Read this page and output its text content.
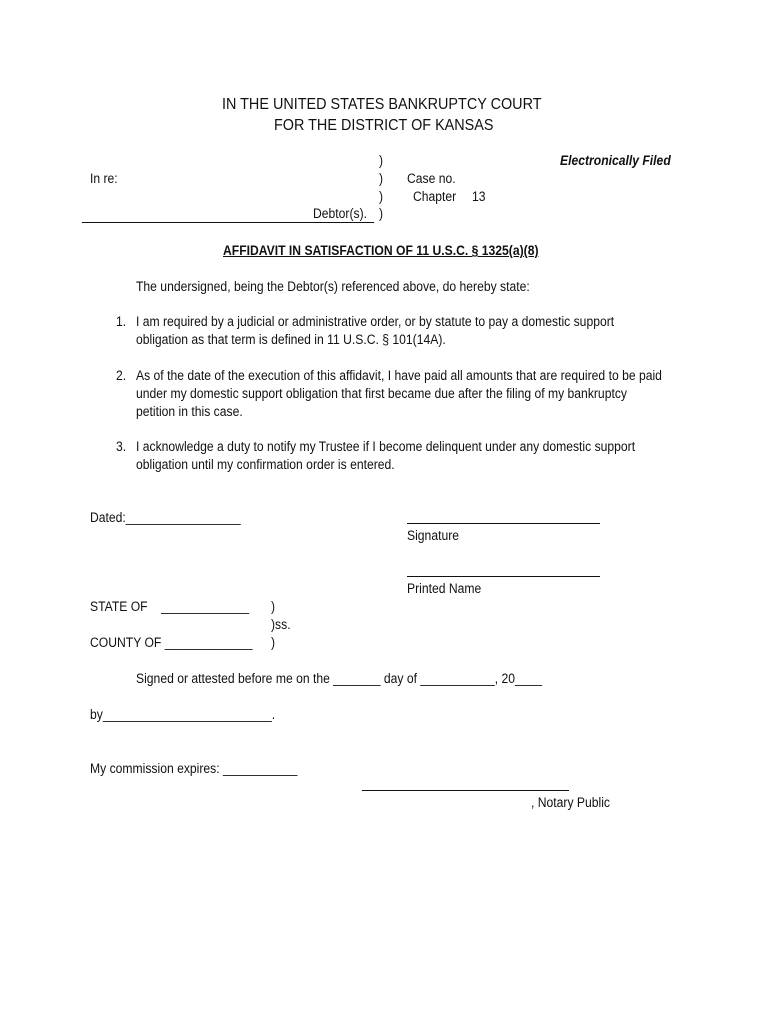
IN THE UNITED STATES BANKRUPTCY COURT
FOR THE DISTRICT OF KANSAS
Electronically Filed
)
In re:	) Case no.
) Chapter 13
Debtor(s). )
AFFIDAVIT IN SATISFACTION OF 11 U.S.C. § 1325(a)(8)
The undersigned, being the Debtor(s) referenced above, do hereby state:
1. I am required by a judicial or administrative order, or by statute to pay a domestic support
obligation as that term is defined in 11 U.S.C. § 101(14A).
2. As of the date of the execution of this affidavit, I have paid all amounts that are required to be paid
under my domestic support obligation that first became due after the filing of my bankruptcy
petition in this case.
3. I acknowledge a duty to notify my Trustee if I become delinquent under any domestic support
obligation until my confirmation order is entered.
Dated:_________________
Signature
Printed Name
STATE OF    _____________ )
)ss.
COUNTY OF _____________ )
Signed or attested before me on the _______ day of ___________, 20____
by_________________________.
My commission expires: ___________
, Notary Public
